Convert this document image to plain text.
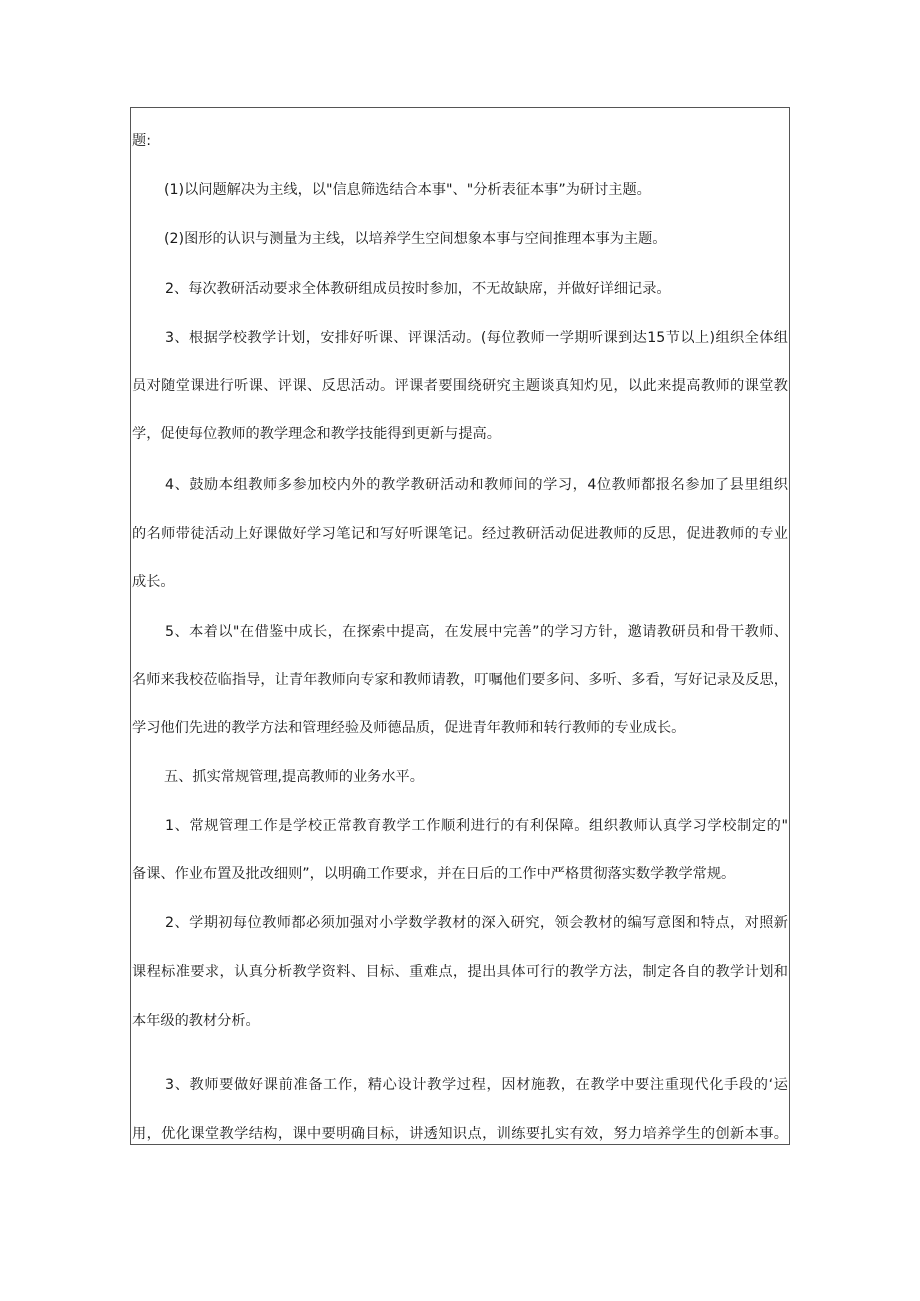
题:
(1)以问题解决为主线，以"信息筛选结合本事"、"分析表征本事”为研讨主题。
(2)图形的认识与测量为主线，以培养学生空间想象本事与空间推理本事为主题。
2、每次教研活动要求全体教研组成员按时参加，不无故缺席，并做好详细记录。
3、根据学校教学计划，安排好听课、评课活动。(每位教师一学期听课到达15节以上)组织全体组
员对随堂课进行听课、评课、反思活动。评课者要围绕研究主题谈真知灼见，以此来提高教师的课堂教
学，促使每位教师的教学理念和教学技能得到更新与提高。
4、鼓励本组教师多参加校内外的教学教研活动和教师间的学习，4位教师都报名参加了县里组织
的名师带徒活动上好课做好学习笔记和写好听课笔记。经过教研活动促进教师的反思，促进教师的专业
成长。
5、本着以"在借鉴中成长，在探索中提高，在发展中完善”的学习方针，邀请教研员和骨干教师、
名师来我校莅临指导，让青年教师向专家和教师请教，叮嘱他们要多问、多听、多看，写好记录及反思，
学习他们先进的教学方法和管理经验及师德品质，促进青年教师和转行教师的专业成长。
五、抓实常规管理,提高教师的业务水平。
1、常规管理工作是学校正常教育教学工作顺利进行的有利保障。组织教师认真学习学校制定的"
备课、作业布置及批改细则”，以明确工作要求，并在日后的工作中严格贯彻落实数学教学常规。
2、学期初每位教师都必须加强对小学数学教材的深入研究，领会教材的编写意图和特点，对照新
课程标准要求，认真分析教学资料、目标、重难点，提出具体可行的教学方法，制定各自的教学计划和
本年级的教材分析。
3、教师要做好课前准备工作，精心设计教学过程，因材施教，在教学中要注重现代化手段的‘运
用，优化课堂教学结构，课中要明确目标，讲透知识点，训练要扎实有效，努力培养学生的创新本事。
